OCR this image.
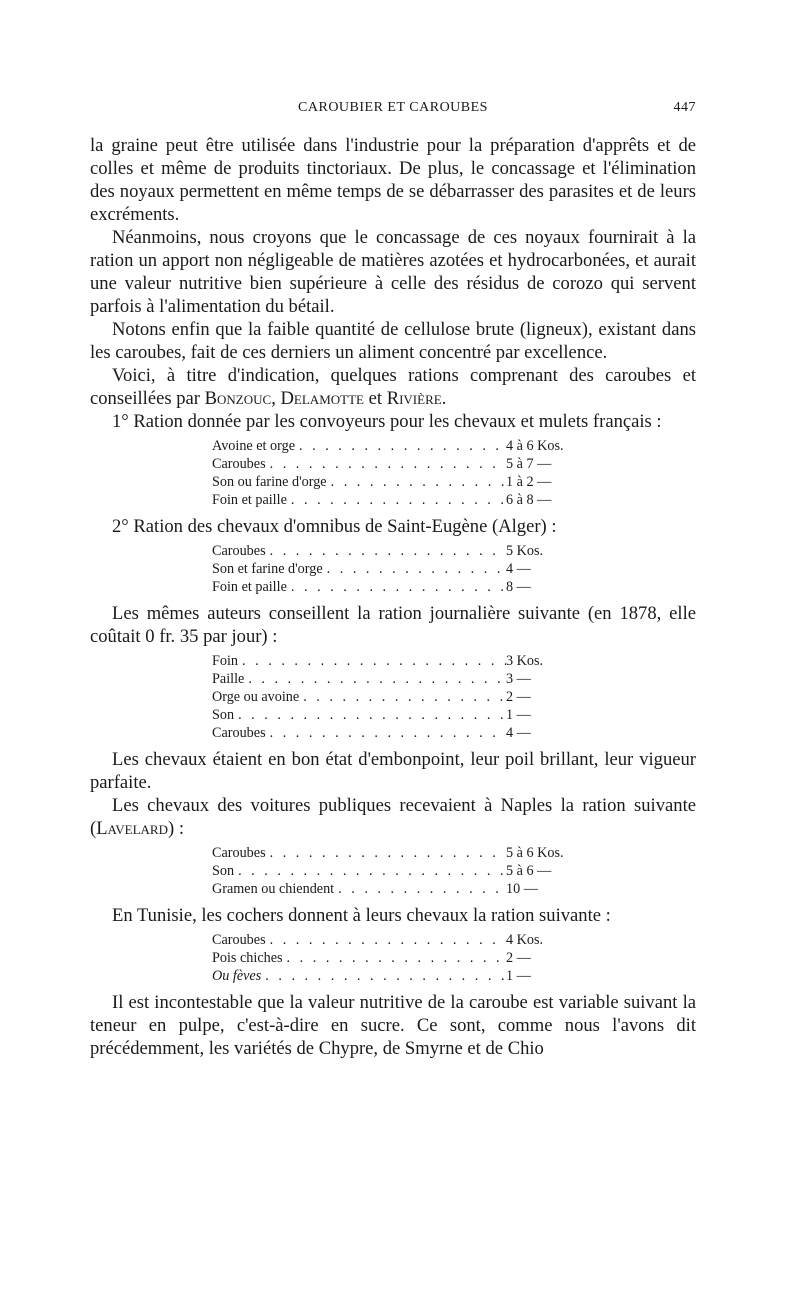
CAROUBIER ET CAROUBES	447

la graine peut être utilisée dans l'industrie pour la préparation d'apprêts et de colles et même de produits tinctoriaux. De plus, le concassage et l'élimination des noyaux permettent en même temps de se débarrasser des parasites et de leurs excréments.

Néanmoins, nous croyons que le concassage de ces noyaux fournirait à la ration un apport non négligeable de matières azotées et hydrocarbonées, et aurait une valeur nutritive bien supérieure à celle des résidus de corozo qui servent parfois à l'alimentation du bétail.

Notons enfin que la faible quantité de cellulose brute (ligneux), existant dans les caroubes, fait de ces derniers un aliment concentré par excellence.

Voici, à titre d'indication, quelques rations comprenant des caroubes et conseillées par Bonzouc, Delamotte et Rivière.

1° Ration donnée par les convoyeurs pour les chevaux et mulets français :

Avoine et orge . . .	4 à 6 Kos.
Caroubes . . .	5 à 7 —
Son ou farine d'orge . . .	1 à 2 —
Foin et paille . . .	6 à 8 —

2° Ration des chevaux d'omnibus de Saint-Eugène (Alger) :

Caroubes . . .	5 Kos.
Son et farine d'orge . . .	4 —
Foin et paille . . .	8 —

Les mêmes auteurs conseillent la ration journalière suivante (en 1878, elle coûtait 0 fr. 35 par jour) :

Foin . . .	3 Kos.
Paille . . .	3 —
Orge ou avoine . . .	2 —
Son . . .	1 —
Caroubes . . .	4 —

Les chevaux étaient en bon état d'embonpoint, leur poil brillant, leur vigueur parfaite.

Les chevaux des voitures publiques recevaient à Naples la ration suivante (Lavelard) :

Caroubes . . .	5 à 6 Kos.
Son . . .	5 à 6 —
Gramen ou chiendent . . .	10 —

En Tunisie, les cochers donnent à leurs chevaux la ration suivante :

Caroubes . . .	4 Kos.
Pois chiches . . .	2 —
Ou fèves . . .	1 —

Il est incontestable que la valeur nutritive de la caroube est variable suivant la teneur en pulpe, c'est-à-dire en sucre. Ce sont, comme nous l'avons dit précédemment, les variétés de Chypre, de Smyrne et de Chio
